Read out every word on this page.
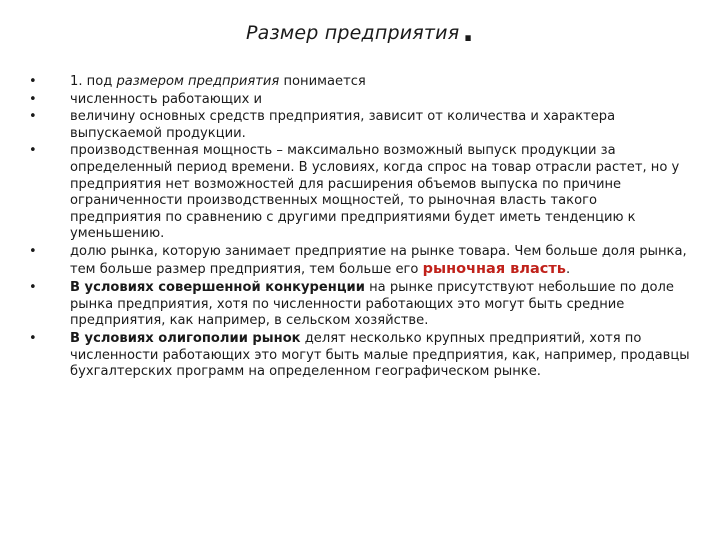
Размер предприятия .
•	1. под размером предприятия понимается
•	численность работающих и
•	величину основных средств предприятия, зависит от количества и характера выпускаемой продукции.
•	производственная мощность – максимально возможный выпуск продукции за определенный период времени. В условиях, когда спрос на товар отрасли растет, но у предприятия нет возможностей для расширения объемов выпуска по причине ограниченности производственных мощностей, то рыночная власть такого предприятия по сравнению с другими предприятиями будет иметь тенденцию к уменьшению.
•	долю рынка, которую занимает предприятие на рынке товара. Чем больше доля рынка, тем больше размер предприятия, тем больше его рыночная власть.
•	В условиях совершенной конкуренции на рынке присутствуют небольшие по доле рынка предприятия, хотя по численности работающих это могут быть средние предприятия, как например, в сельском хозяйстве.
•	В условиях олигополии рынок делят несколько крупных предприятий, хотя по численности работающих это могут быть малые предприятия, как, например, продавцы бухгалтерских программ на определенном географическом рынке.
